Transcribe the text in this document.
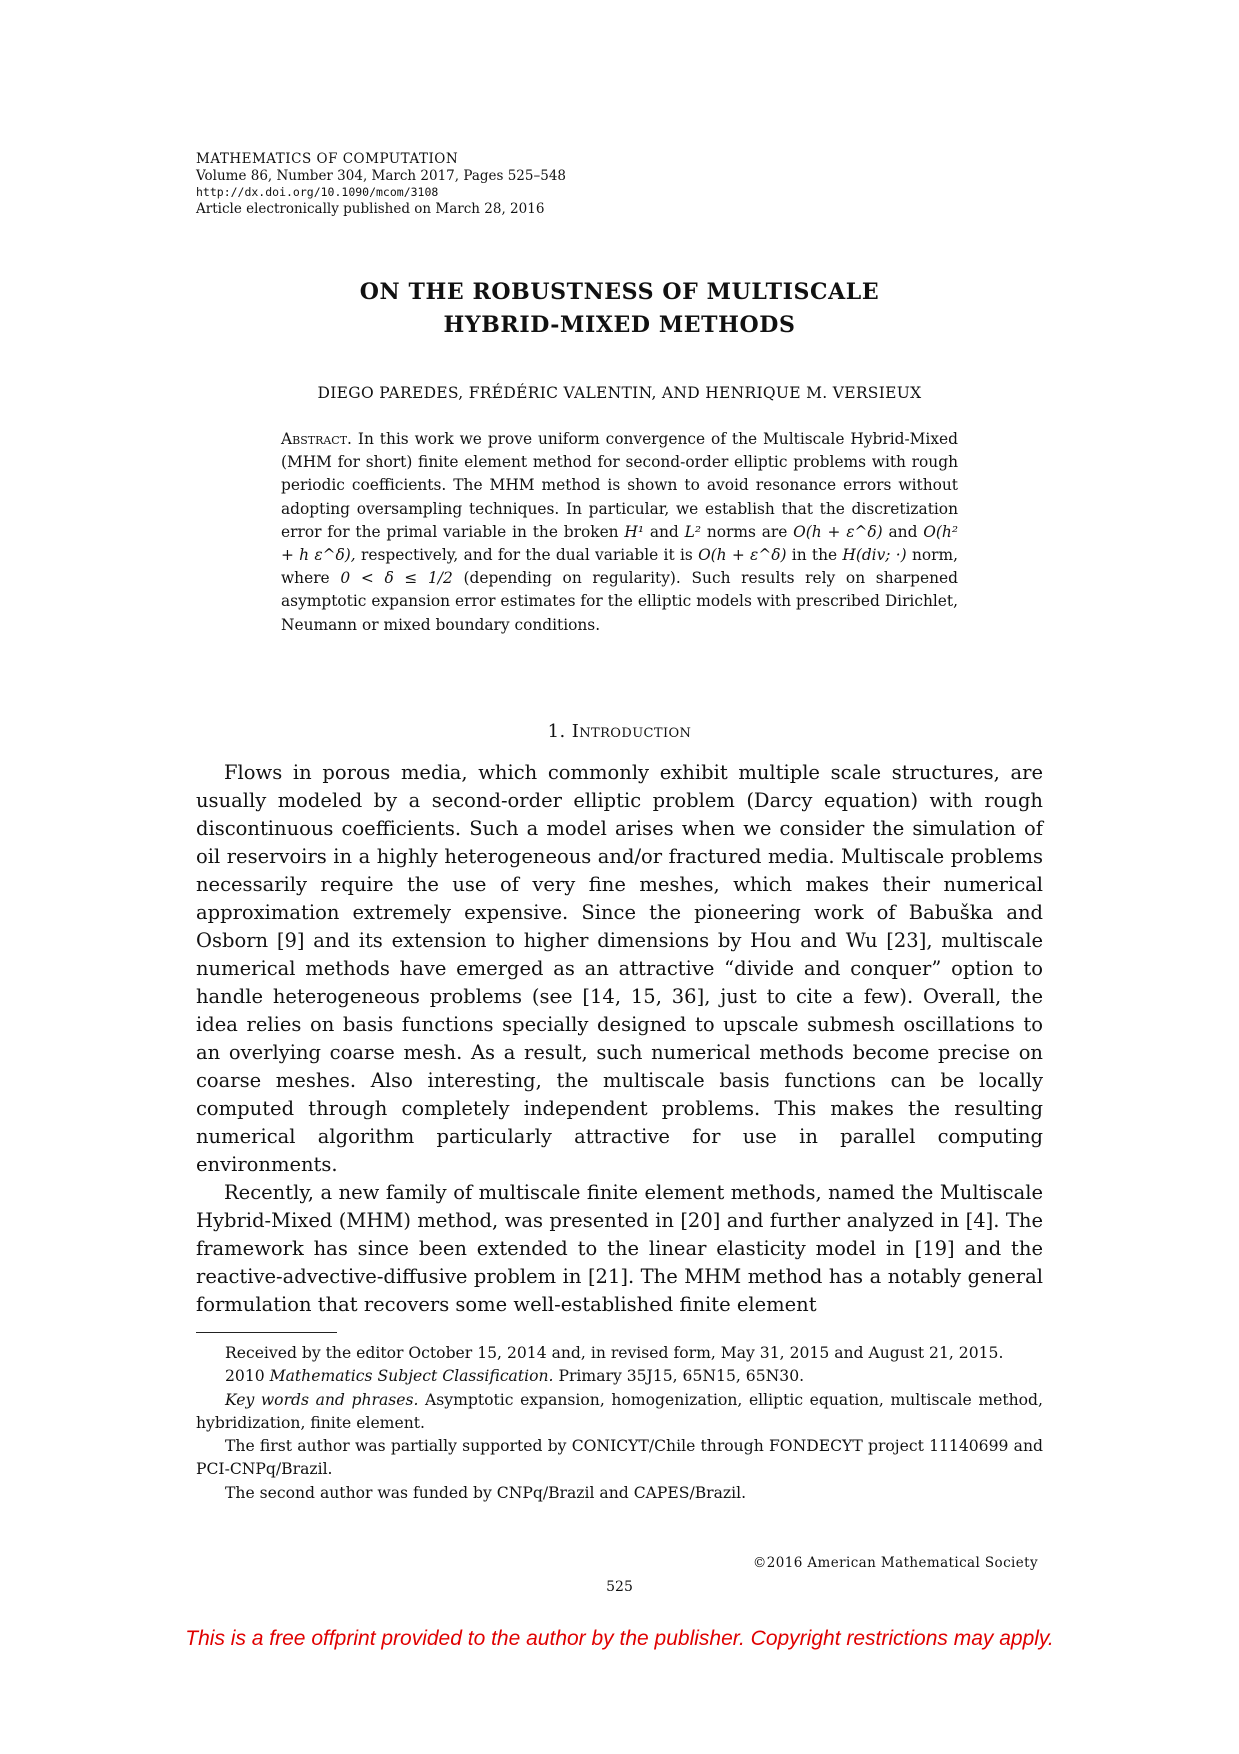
MATHEMATICS OF COMPUTATION
Volume 86, Number 304, March 2017, Pages 525–548
http://dx.doi.org/10.1090/mcom/3108
Article electronically published on March 28, 2016
ON THE ROBUSTNESS OF MULTISCALE
HYBRID-MIXED METHODS
DIEGO PAREDES, FRÉDÉRIC VALENTIN, AND HENRIQUE M. VERSIEUX
Abstract. In this work we prove uniform convergence of the Multiscale Hybrid-Mixed (MHM for short) finite element method for second-order elliptic problems with rough periodic coefficients. The MHM method is shown to avoid resonance errors without adopting oversampling techniques. In particular, we establish that the discretization error for the primal variable in the broken H¹ and L² norms are O(h + ε^δ) and O(h² + h ε^δ), respectively, and for the dual variable it is O(h + ε^δ) in the H(div; ·) norm, where 0 < δ ≤ 1/2 (depending on regularity). Such results rely on sharpened asymptotic expansion error estimates for the elliptic models with prescribed Dirichlet, Neumann or mixed boundary conditions.
1. Introduction

Flows in porous media, which commonly exhibit multiple scale structures, are usually modeled by a second-order elliptic problem (Darcy equation) with rough discontinuous coefficients. Such a model arises when we consider the simulation of oil reservoirs in a highly heterogeneous and/or fractured media. Multiscale problems necessarily require the use of very fine meshes, which makes their numerical approximation extremely expensive. Since the pioneering work of Babuška and Osborn [9] and its extension to higher dimensions by Hou and Wu [23], multiscale numerical methods have emerged as an attractive “divide and conquer” option to handle heterogeneous problems (see [14, 15, 36], just to cite a few). Overall, the idea relies on basis functions specially designed to upscale submesh oscillations to an overlying coarse mesh. As a result, such numerical methods become precise on coarse meshes. Also interesting, the multiscale basis functions can be locally computed through completely independent problems. This makes the resulting numerical algorithm particularly attractive for use in parallel computing environments.

Recently, a new family of multiscale finite element methods, named the Multiscale Hybrid-Mixed (MHM) method, was presented in [20] and further analyzed in [4]. The framework has since been extended to the linear elasticity model in [19] and the reactive-advective-diffusive problem in [21]. The MHM method has a notably general formulation that recovers some well-established finite element

Received by the editor October 15, 2014 and, in revised form, May 31, 2015 and August 21, 2015.

2010 Mathematics Subject Classification. Primary 35J15, 65N15, 65N30.

Key words and phrases. Asymptotic expansion, homogenization, elliptic equation, multiscale method, hybridization, finite element.

The first author was partially supported by CONICYT/Chile through FONDECYT project 11140699 and PCI-CNPq/Brazil.

The second author was funded by CNPq/Brazil and CAPES/Brazil.

©2016 American Mathematical Society
525
This is a free offprint provided to the author by the publisher. Copyright restrictions may apply.
